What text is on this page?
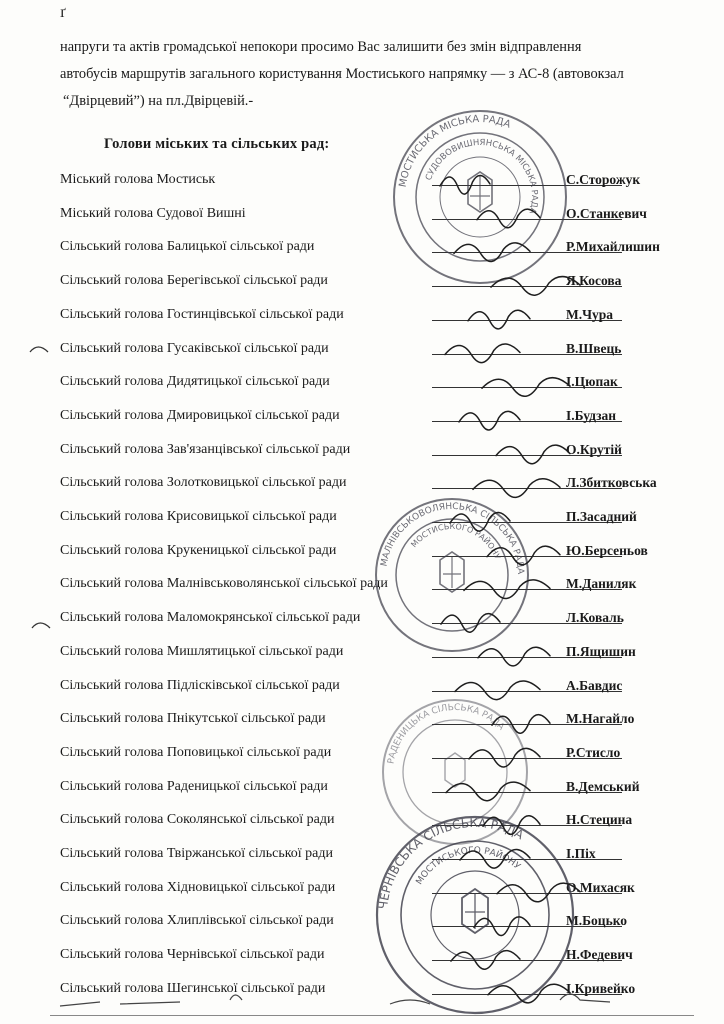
ґ

напруги та актів громадської непокори просимо Вас залишити без змін відправлення

автобусів маршрутів загального користування Мостиського напрямку — з АС-8 (автовокзал

“Двірцевий”) на пл.Двірцевій.-

Голови міських та сільських рад:
Міський голова Мостиськ	С.Сторожук
Міський голова Судової Вишні	О.Станкевич
Сільський голова Балицької сільської ради	Р.Михайлишин
Сільський голова Берегівської сільської ради	Я.Косова
Сільський голова Гостинцівської сільської ради	М.Чура
Сільський голова Гусаківської сільської ради	В.Швець
Сільський голова Дидятицької сільської ради	І.Цюпак
Сільський голова Дмировицької сільської ради	І.Будзан
Сільський голова Зав'язанцівської сільської ради	О.Крутій
Сільський голова Золотковицької сільської ради	Л.Збитковська
Сільський голова Крисовицької сільської ради	П.Засадний
Сільський голова Крукеницької сільської ради	Ю.Берсеньов
Сільський голова Малнівськоволянської сільської ради	М.Даниляк
Сільський голова Маломокрянської сільської ради	Л.Коваль
Сільський голова Мишлятицької сільської ради	П.Ящишин
Сільський голова Підлісківської сільської ради	А.Бавдис
Сільський голова Пнікутської сільської ради	М.Нагайло
Сільський голова Поповицької сільської ради	Р.Стисло
Сільський голова Раденицької сільської ради	В.Демський
Сільський голова Соколянської сільської ради	Н.Стецина
Сільський голова Твіржанської сільської ради	І.Піх
Сільський голова Хідновицької сільської ради	О.Михасяк
Сільський голова Хлиплівської сільської ради	М.Боцько
Сільський голова Чернівської сільської ради	Н.Федевич
Сільський голова Шегинської сільської ради	І.Кривейко
МОСТИСЬКА МІСЬКА РАДА
СУДОВОВИШНЯНСЬКА МІСЬКА РАДА
МАЛНІВСЬКОВОЛЯНСЬКА СІЛЬСЬКА РАДА
МОСТИСЬКОГО РАЙОНУ
РАДЕНИЦЬКА СІЛЬСЬКА РАДА
ЧЕРНІВСЬКА СІЛЬСЬКА РАДА
МОСТИСЬКОГО РАЙОНУ
